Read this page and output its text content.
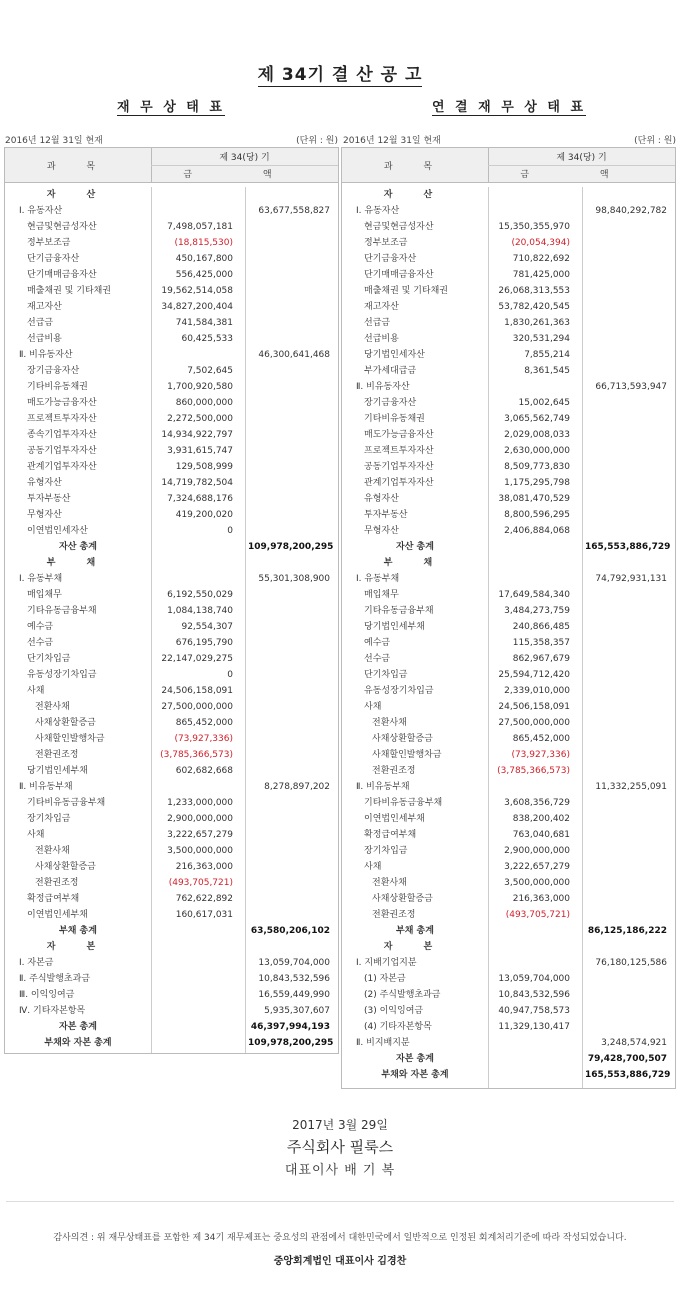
제 34기 결 산 공 고
재 무 상 태 표
2016년 12월 31일 현재	(단위 : 원)
과 목
제 34(당) 기
금 액
자 산
Ⅰ. 유동자산	63,677,558,827
현금및현금성자산	7,498,057,181
정부보조금	(18,815,530)
단기금융자산	450,167,800
단기매매금융자산	556,425,000
매출채권 및 기타채권	19,562,514,058
재고자산	34,827,200,404
선급금	741,584,381
선급비용	60,425,533
Ⅱ. 비유동자산	46,300,641,468
장기금융자산	7,502,645
기타비유동채권	1,700,920,580
매도가능금융자산	860,000,000
프로젝트투자자산	2,272,500,000
종속기업투자자산	14,934,922,797
공동기업투자자산	3,931,615,747
관계기업투자자산	129,508,999
유형자산	14,719,782,504
투자부동산	7,324,688,176
무형자산	419,200,020
이연법인세자산	0
자산 총계	109,978,200,295
부 채
Ⅰ. 유동부채	55,301,308,900
매입채무	6,192,550,029
기타유동금융부채	1,084,138,740
예수금	92,554,307
선수금	676,195,790
단기차입금	22,147,029,275
유동성장기차입금	0
사채	24,506,158,091
전환사채	27,500,000,000
사채상환할증금	865,452,000
사채할인발행차금	(73,927,336)
전환권조정	(3,785,366,573)
당기법인세부채	602,682,668
Ⅱ. 비유동부채	8,278,897,202
기타비유동금융부채	1,233,000,000
장기차입금	2,900,000,000
사채	3,222,657,279
전환사채	3,500,000,000
사채상환할증금	216,363,000
전환권조정	(493,705,721)
확정급여부채	762,622,892
이연법인세부채	160,617,031
부채 총계	63,580,206,102
자 본
Ⅰ. 자본금	13,059,704,000
Ⅱ. 주식발행초과금	10,843,532,596
Ⅲ. 이익잉여금	16,559,449,990
Ⅳ. 기타자본항목	5,935,307,607
자본 총계	46,397,994,193
부채와 자본 총계	109,978,200,295
연 결 재 무 상 태 표
2016년 12월 31일 현재	(단위 : 원)
과 목
제 34(당) 기
금 액
자 산
Ⅰ. 유동자산	98,840,292,782
현금및현금성자산	15,350,355,970
정부보조금	(20,054,394)
단기금융자산	710,822,692
단기매매금융자산	781,425,000
매출채권 및 기타채권	26,068,313,553
재고자산	53,782,420,545
선급금	1,830,261,363
선급비용	320,531,294
당기법인세자산	7,855,214
부가세대급금	8,361,545
Ⅱ. 비유동자산	66,713,593,947
장기금융자산	15,002,645
기타비유동채권	3,065,562,749
매도가능금융자산	2,029,008,033
프로젝트투자자산	2,630,000,000
공동기업투자자산	8,509,773,830
관계기업투자자산	1,175,295,798
유형자산	38,081,470,529
투자부동산	8,800,596,295
무형자산	2,406,884,068
자산 총계	165,553,886,729
부 채
Ⅰ. 유동부채	74,792,931,131
매입채무	17,649,584,340
기타유동금융부채	3,484,273,759
당기법인세부채	240,866,485
예수금	115,358,357
선수금	862,967,679
단기차입금	25,594,712,420
유동성장기차입금	2,339,010,000
사채	24,506,158,091
전환사채	27,500,000,000
사채상환할증금	865,452,000
사채할인발행차금	(73,927,336)
전환권조정	(3,785,366,573)
Ⅱ. 비유동부채	11,332,255,091
기타비유동금융부채	3,608,356,729
이연법인세부채	838,200,402
확정급여부채	763,040,681
장기차입금	2,900,000,000
사채	3,222,657,279
전환사채	3,500,000,000
사채상환할증금	216,363,000
전환권조정	(493,705,721)
부채 총계	86,125,186,222
자 본
Ⅰ. 지배기업지분	76,180,125,586
(1) 자본금	13,059,704,000
(2) 주식발행초과금	10,843,532,596
(3) 이익잉여금	40,947,758,573
(4) 기타자본항목	11,329,130,417
Ⅱ. 비지배지분	3,248,574,921
자본 총계	79,428,700,507
부채와 자본 총계	165,553,886,729
2017년 3월 29일
주식회사 필룩스
대표이사 배 기 복
감사의견 : 위 재무상태표를 포함한 제 34기 재무제표는 중요성의 관점에서 대한민국에서 일반적으로 인정된 회계처리기준에 따라 작성되었습니다.
중앙회계법인 대표이사 김경찬
